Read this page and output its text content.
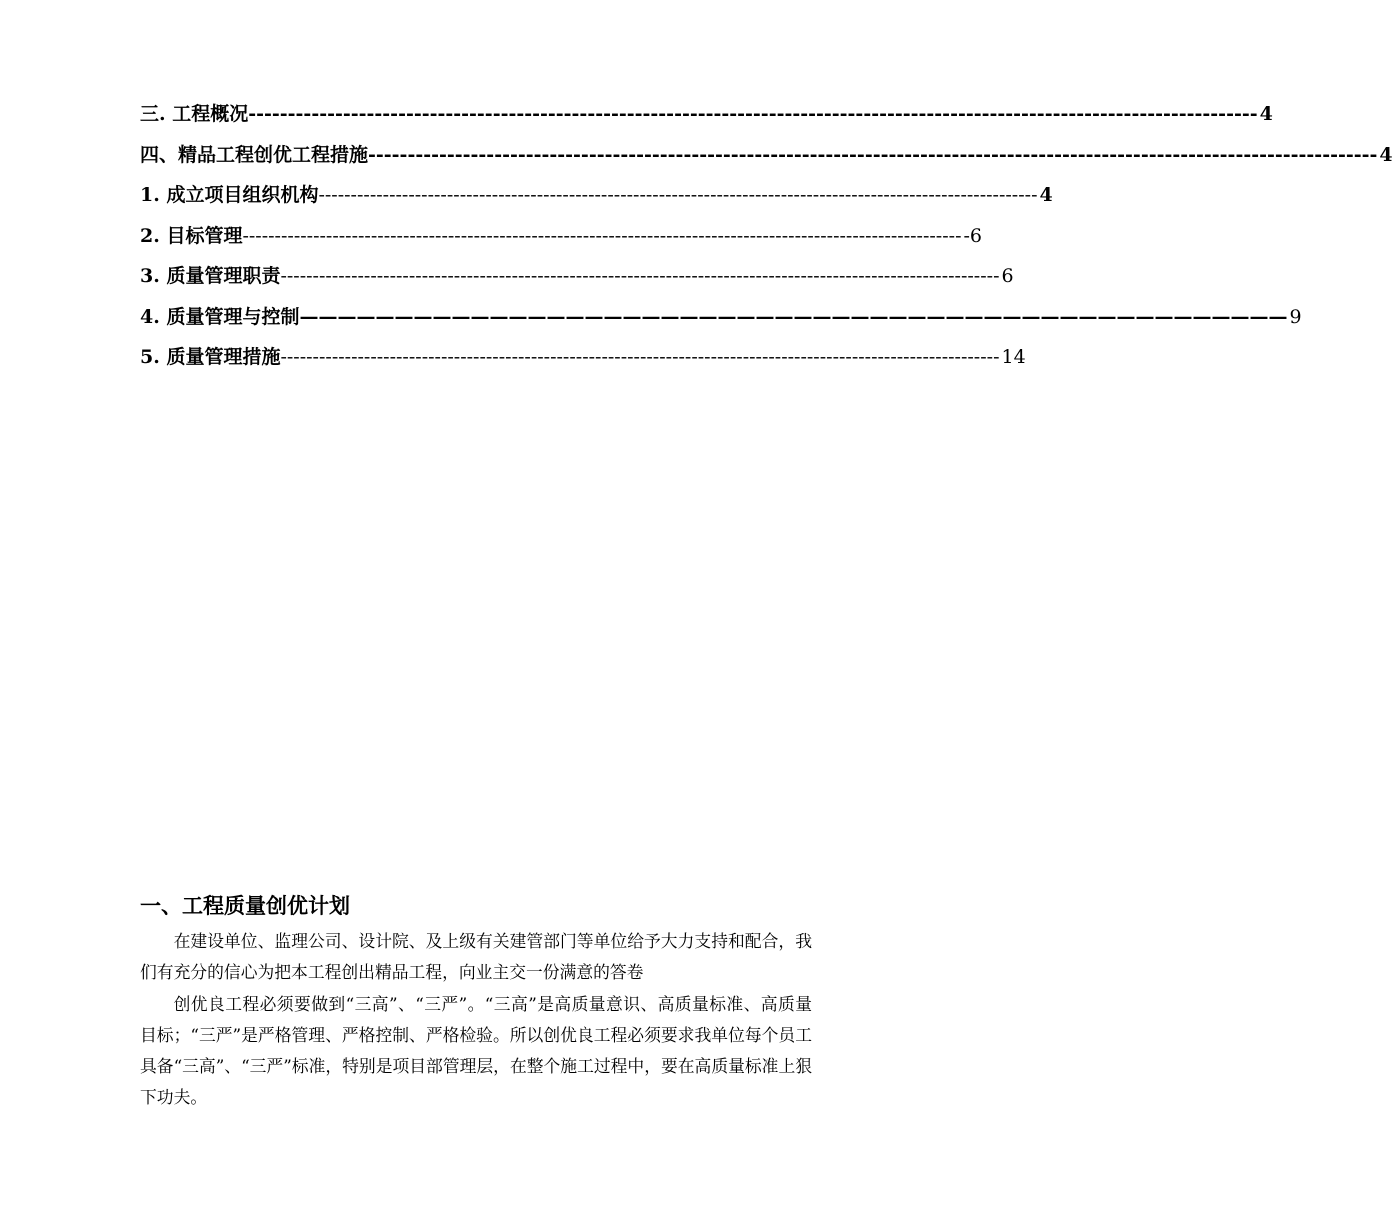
三. 工程概况 -------------------------------------------------------------------------------------------------------------------------------- 4
四、精品工程创优工程措施 -------------------------------------------------------------------------------------------------------------------------------- 4
1. 成立项目组织机构 ---------------------------------------------------------------------------------------------------------------- 4
2. 目标管理 ---------------------------------------------------------------------------------------------------------------- -6
3. 质量管理职责 ---------------------------------------------------------------------------------------------------------------- 6
4. 质量管理与控制 ———————————————————————————————————————————————————— 9
5. 质量管理措施 ---------------------------------------------------------------------------------------------------------------- 14
一、工程质量创优计划

在建设单位、监理公司、设计院、及上级有关建管部门等单位给予大力支持和配合，我们有充分的信心为把本工程创出精品工程，向业主交一份满意的答卷

创优良工程必须要做到“三高”、“三严”。“三高”是高质量意识、高质量标准、高质量目标；“三严”是严格管理、严格控制、严格检验。所以创优良工程必须要求我单位每个员工具备“三高”、“三严”标准，特别是项目部管理层，在整个施工过程中，要在高质量标准上狠下功夫。
